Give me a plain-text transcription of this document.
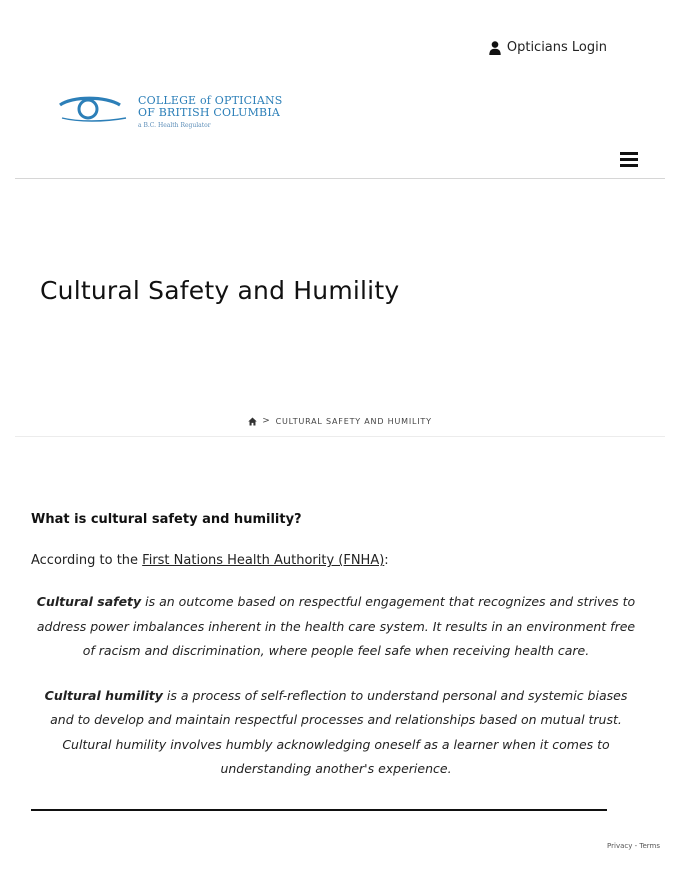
Opticians Login
COLLEGE of OPTICIANS
OF BRITISH COLUMBIA
a B.C. Health Regulator
Cultural Safety and Humility
> CULTURAL SAFETY AND HUMILITY
What is cultural safety and humility?

According to the First Nations Health Authority (FNHA):

Cultural safety is an outcome based on respectful engagement that recognizes and strives to address power imbalances inherent in the health care system. It results in an environment free of racism and discrimination, where people feel safe when receiving health care.

Cultural humility is a process of self-reflection to understand personal and systemic biases and to develop and maintain respectful processes and relationships based on mutual trust. Cultural humility involves humbly acknowledging oneself as a learner when it comes to understanding another's experience.

Privacy - Terms
